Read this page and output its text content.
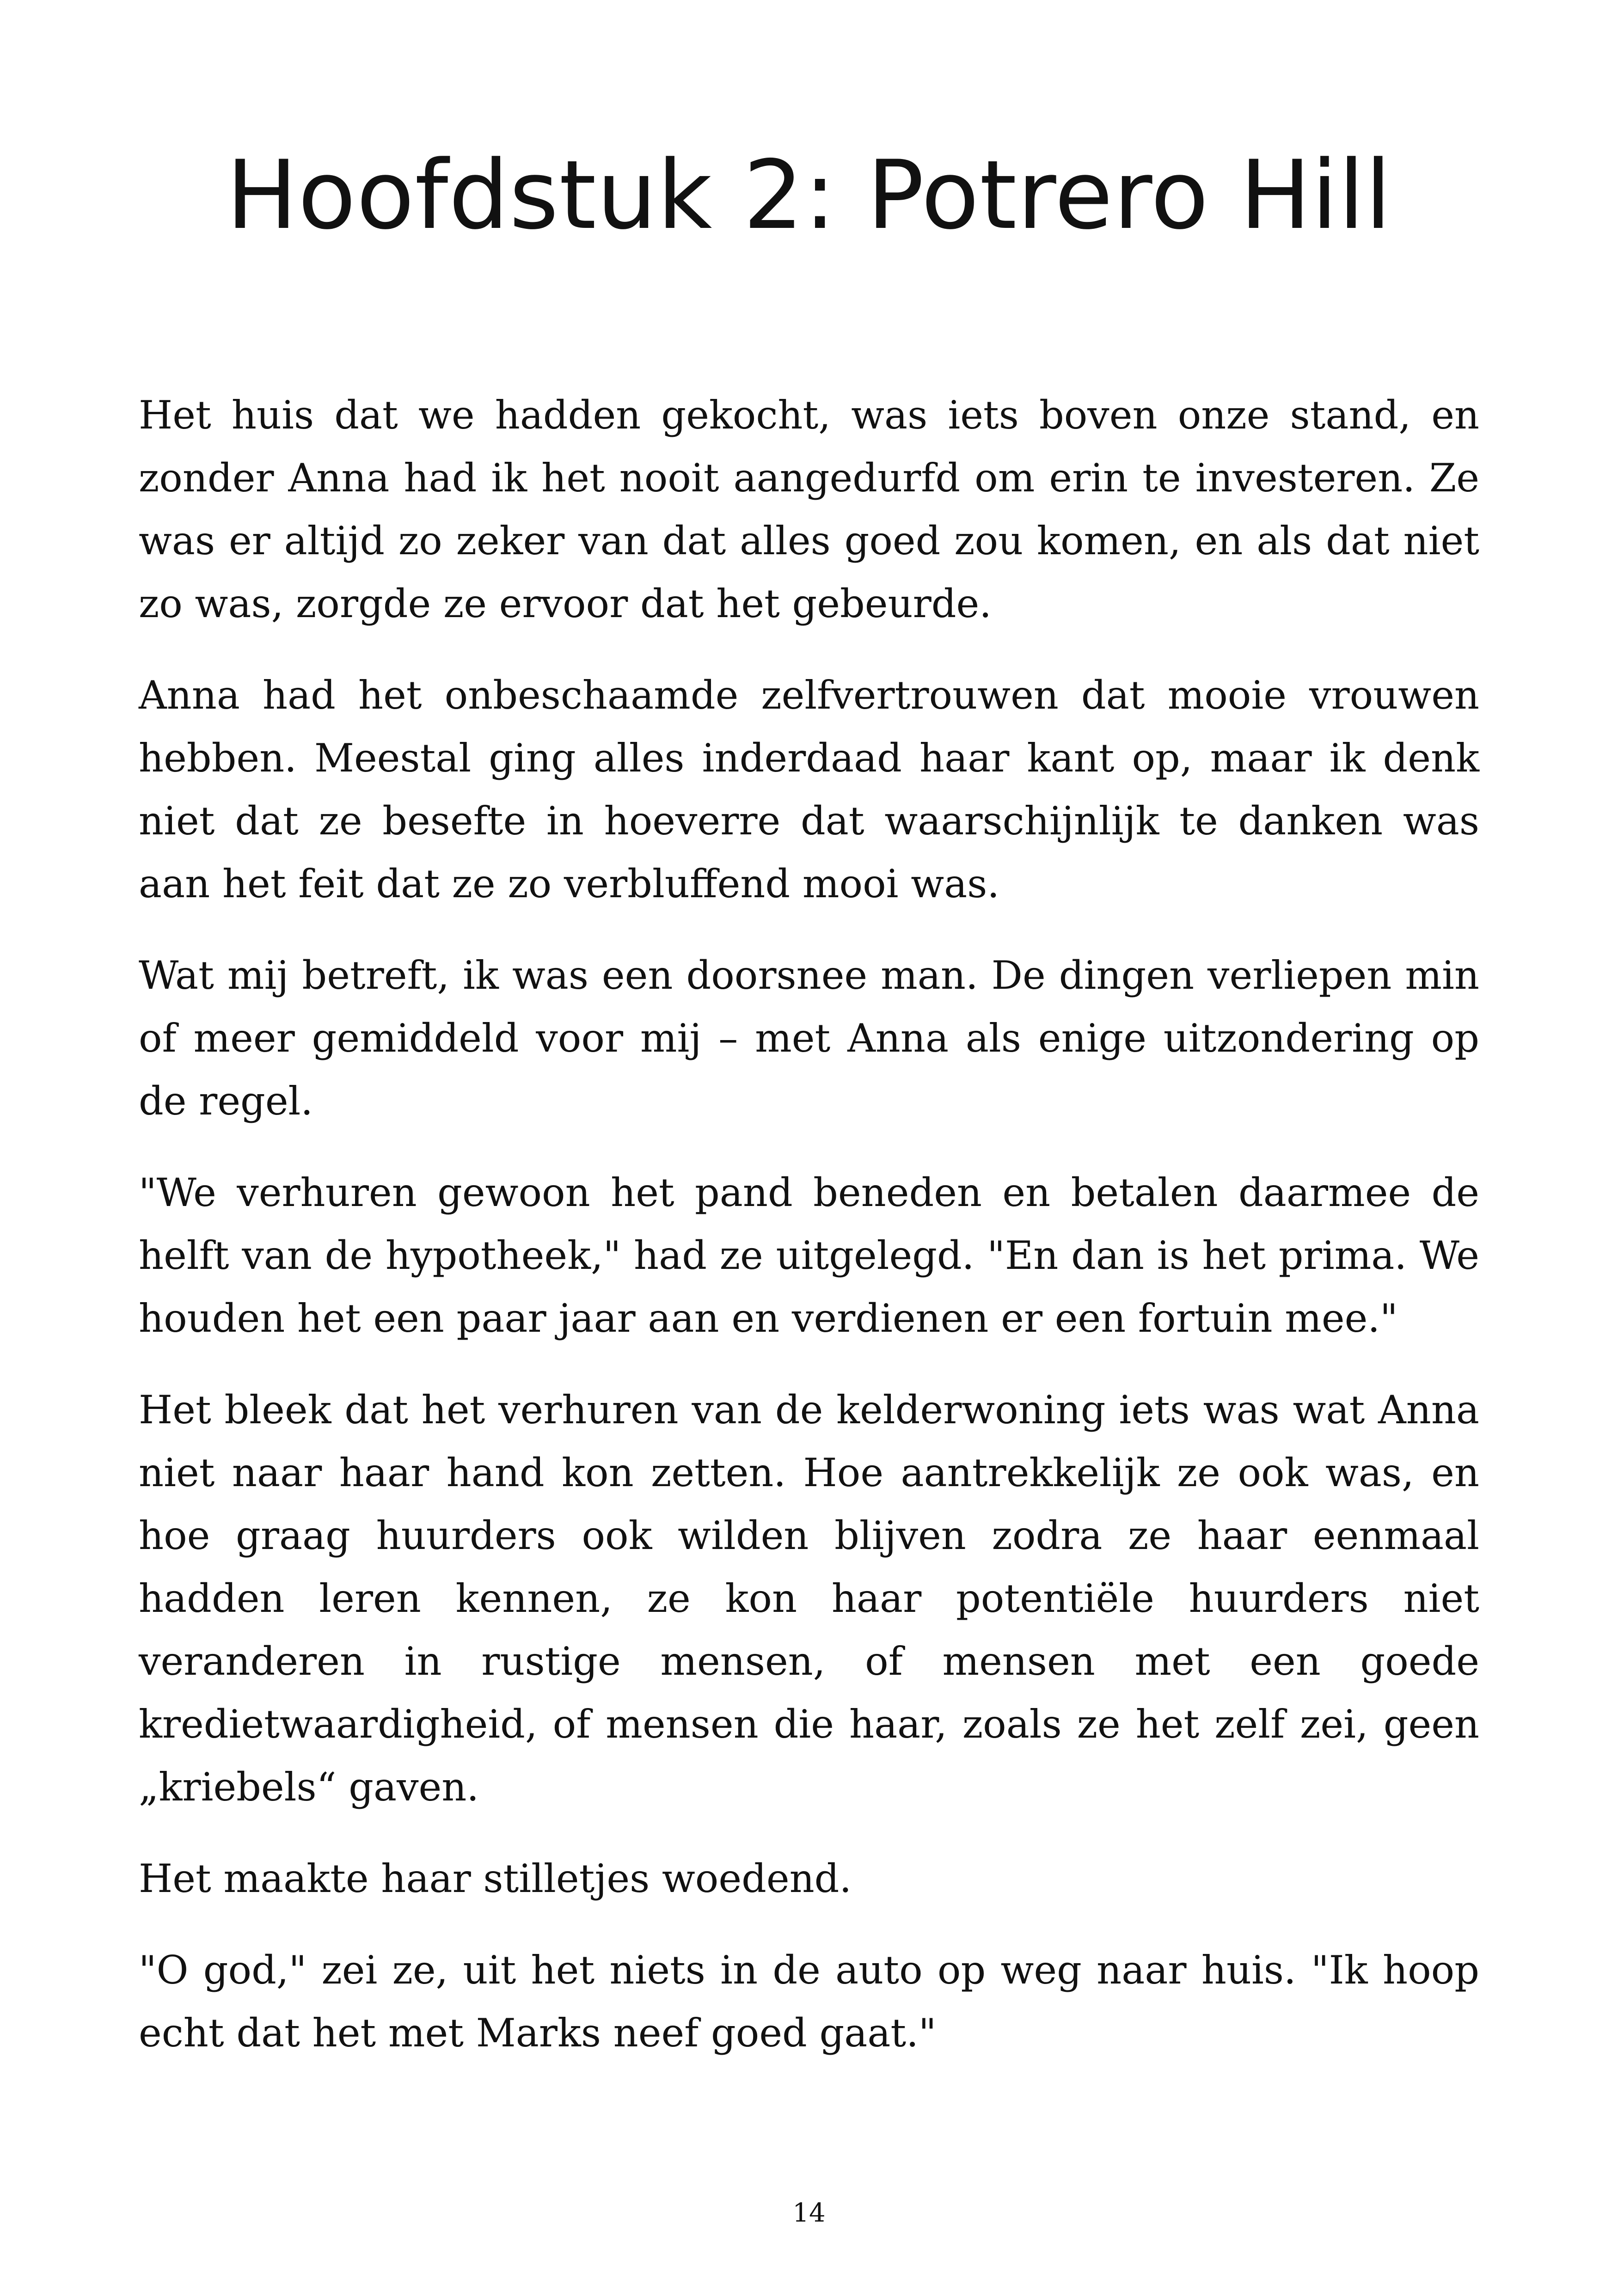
Hoofdstuk 2: Potrero Hill

Het huis dat we hadden gekocht, was iets boven onze stand, en zonder Anna had ik het nooit aangedurfd om erin te investeren. Ze was er altijd zo zeker van dat alles goed zou komen, en als dat niet zo was, zorgde ze ervoor dat het gebeurde.

Anna had het onbeschaamde zelfvertrouwen dat mooie vrouwen hebben. Meestal ging alles inderdaad haar kant op, maar ik denk niet dat ze besefte in hoeverre dat waarschijnlijk te danken was aan het feit dat ze zo verbluffend mooi was.

Wat mij betreft, ik was een doorsnee man. De dingen verliepen min of meer gemiddeld voor mij – met Anna als enige uitzondering op de regel.

"We verhuren gewoon het pand beneden en betalen daarmee de helft van de hypotheek," had ze uitgelegd. "En dan is het prima. We houden het een paar jaar aan en verdienen er een fortuin mee."

Het bleek dat het verhuren van de kelderwoning iets was wat Anna niet naar haar hand kon zetten. Hoe aantrekkelijk ze ook was, en hoe graag huurders ook wilden blijven zodra ze haar eenmaal hadden leren kennen, ze kon haar potentiële huurders niet veranderen in rustige mensen, of mensen met een goede kredietwaardigheid, of mensen die haar, zoals ze het zelf zei, geen „kriebels“ gaven.

Het maakte haar stilletjes woedend.

"O god," zei ze, uit het niets in de auto op weg naar huis. "Ik hoop echt dat het met Marks neef goed gaat."

14
